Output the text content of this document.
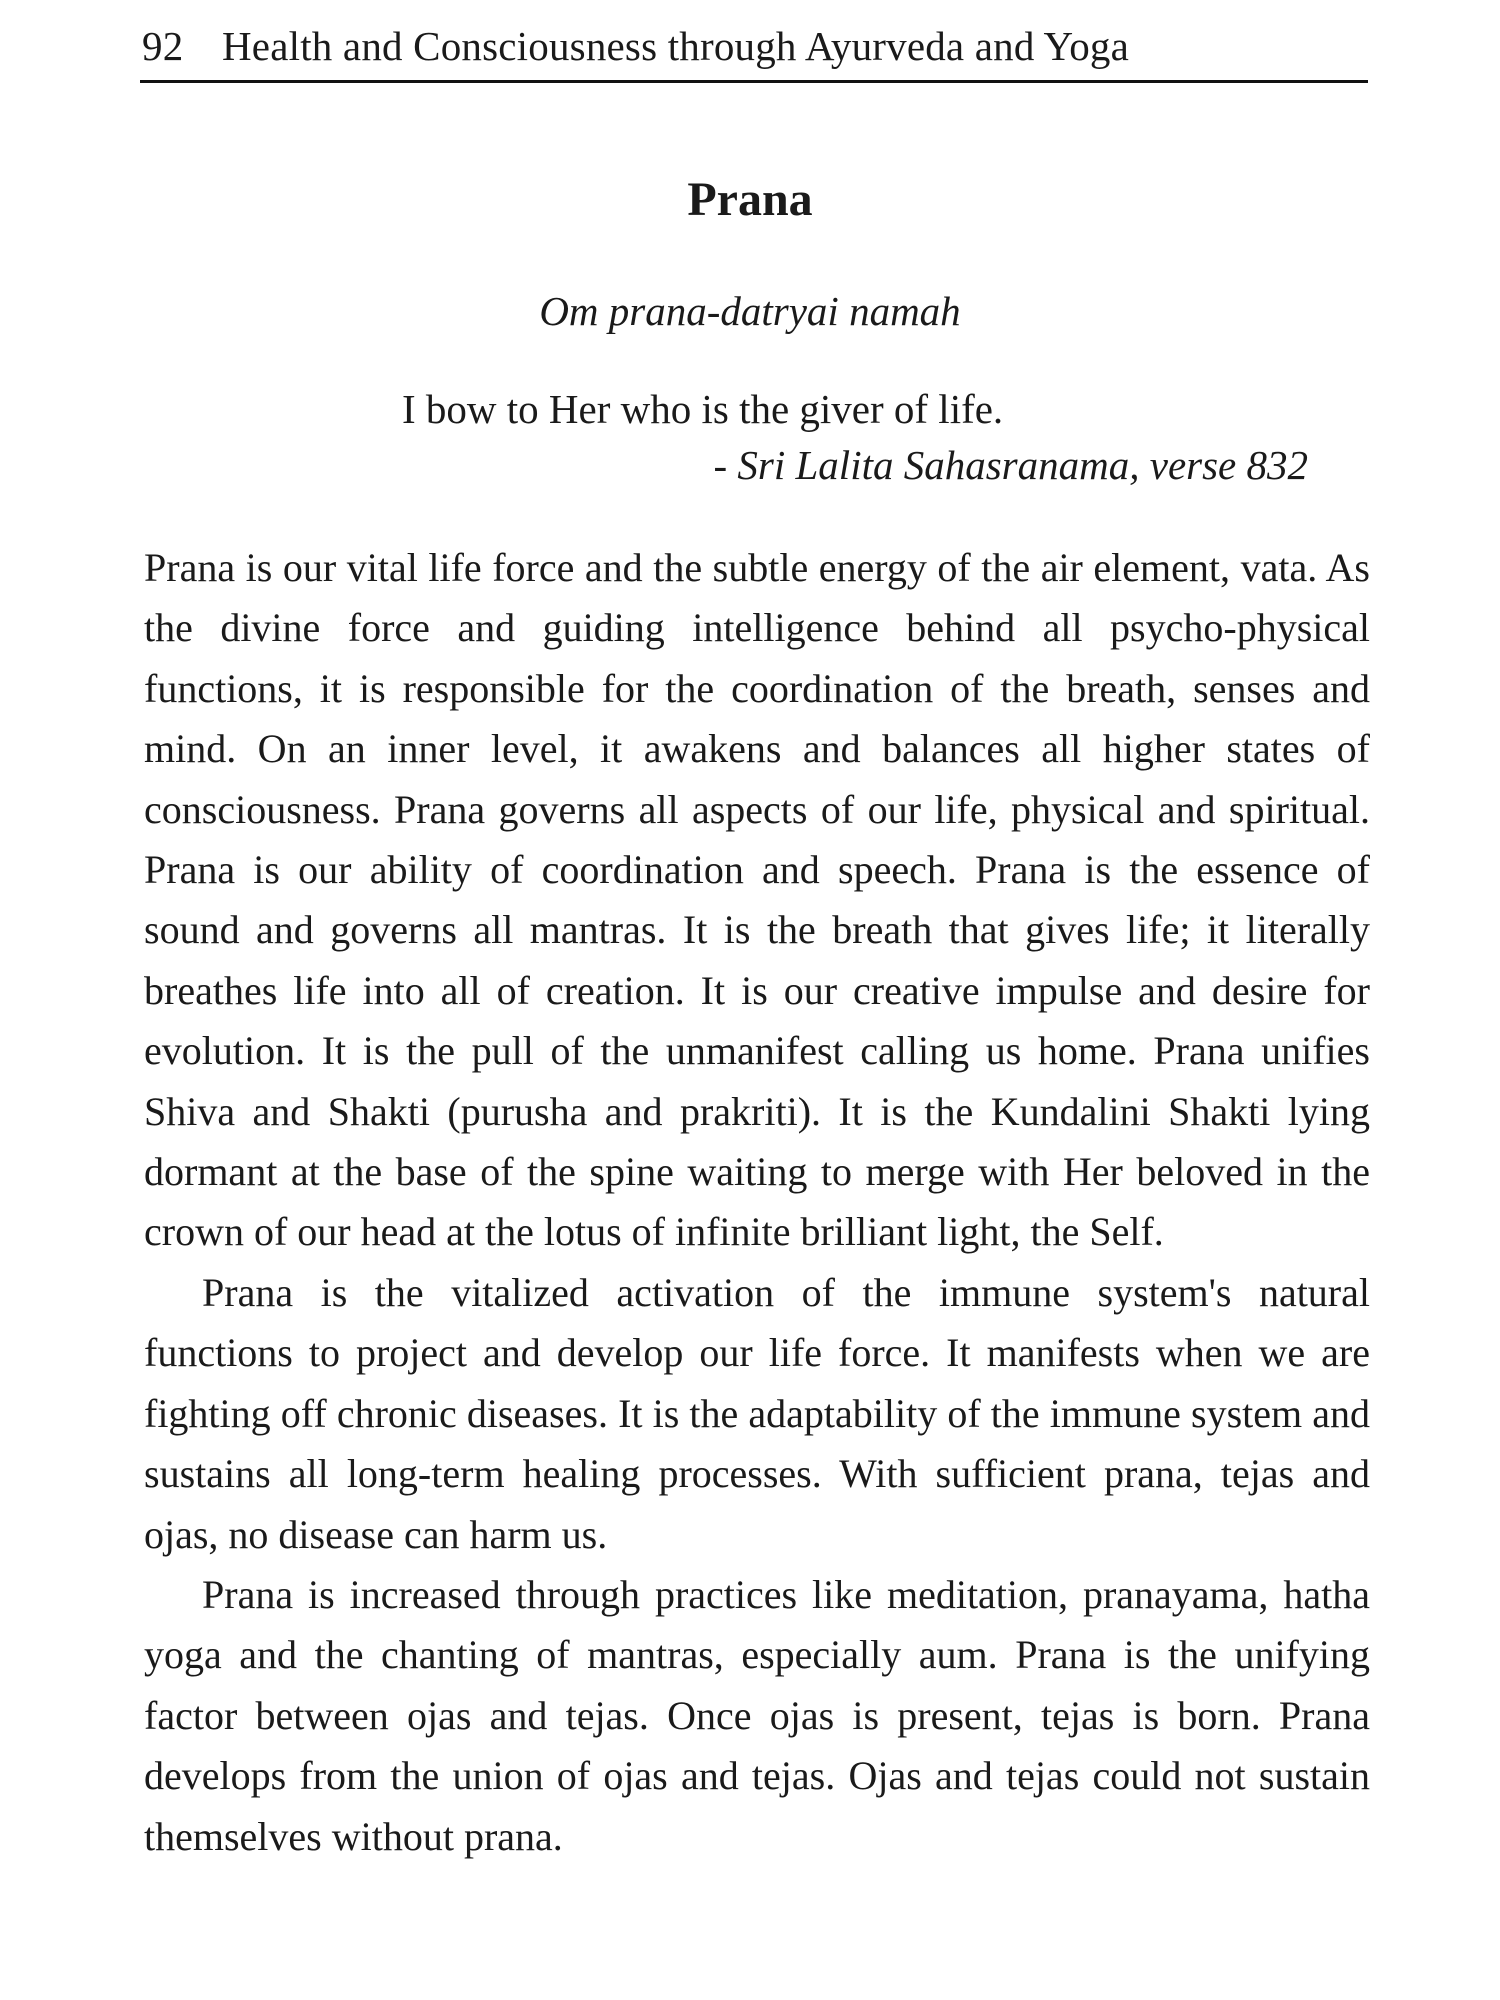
92 Health and Consciousness through Ayurveda and Yoga
Prana
Om prana-datryai namah
I bow to Her who is the giver of life.
- Sri Lalita Sahasranama, verse 832

Prana is our vital life force and the subtle energy of the air element, vata. As the divine force and guiding intelligence behind all psycho-physical functions, it is responsible for the coordination of the breath, senses and mind. On an inner level, it awakens and balances all higher states of consciousness. Prana governs all aspects of our life, physical and spiritual. Prana is our ability of coordination and speech. Prana is the essence of sound and governs all mantras. It is the breath that gives life; it literally breathes life into all of creation. It is our creative impulse and desire for evolution. It is the pull of the unmanifest calling us home. Prana unifies Shiva and Shakti (purusha and prakriti). It is the Kundalini Shakti lying dormant at the base of the spine waiting to merge with Her beloved in the crown of our head at the lotus of infinite brilliant light, the Self.

Prana is the vitalized activation of the immune system's natural functions to project and develop our life force. It manifests when we are fighting off chronic diseases. It is the adaptability of the immune system and sustains all long-term healing processes. With sufficient prana, tejas and ojas, no disease can harm us.

Prana is increased through practices like meditation, pranayama, hatha yoga and the chanting of mantras, especially aum. Prana is the unifying factor between ojas and tejas. Once ojas is present, tejas is born. Prana develops from the union of ojas and tejas. Ojas and tejas could not sustain themselves without prana.
